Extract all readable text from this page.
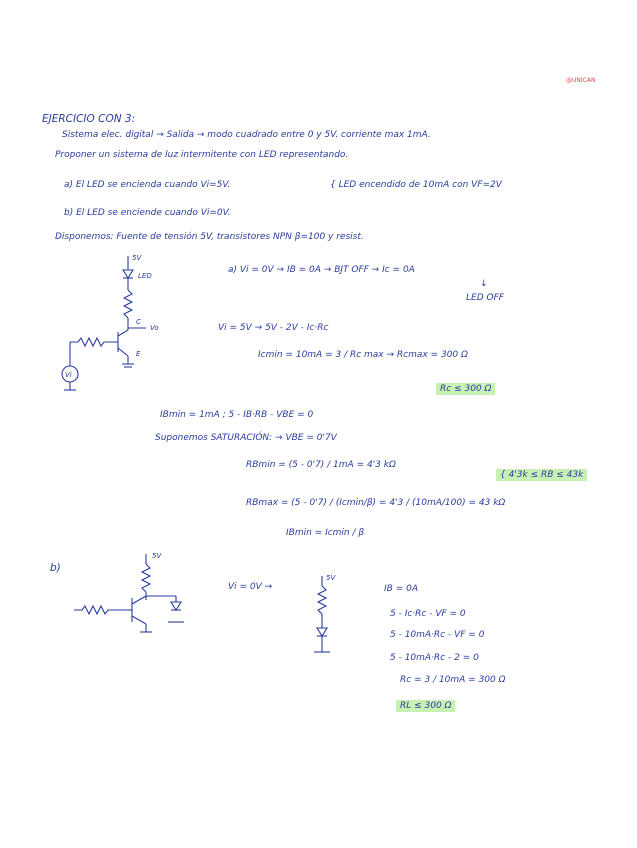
@UNICAN
EJERCICIO CON 3:
Sistema elec. digital → Salida → modo cuadrado entre 0 y 5V. corriente max 1mA.
Proponer un sistema de luz intermitente con LED representando.
a) El LED se encienda cuando Vi=5V.	{ LED encendido de 10mA con VF=2V
b) El LED se enciende cuando Vi=0V.
Disponemos: Fuente de tensión 5V, transistores NPN β=100 y resist.
5V
LED
C
Vo
E
Vi
a) Vi = 0V → IB = 0A → BJT OFF → Ic = 0A
↓
LED OFF
Vi = 5V → 5V - 2V - Ic·Rc
Icmin = 10mA = 3 / Rc max → Rcmax = 300 Ω
Rc ≤ 300 Ω
IBmin = 1mA ; 5 - IB·RB - VBE = 0
Suponemos SATURACIÓN: → VBE = 0'7V
RBmin = (5 - 0'7) / 1mA = 4'3 kΩ
{ 4'3k ≤ RB ≤ 43k
RBmax = (5 - 0'7) / (Icmin/β) = 4'3 / (10mA/100) = 43 kΩ
IBmin = Icmin / β
b)
5V
Vi = 0V →
5V
IB = 0A
5 - Ic·Rc - VF = 0
5 - 10mA·Rc - VF = 0
5 - 10mA·Rc - 2 = 0
Rc = 3 / 10mA = 300 Ω
RL ≤ 300 Ω
